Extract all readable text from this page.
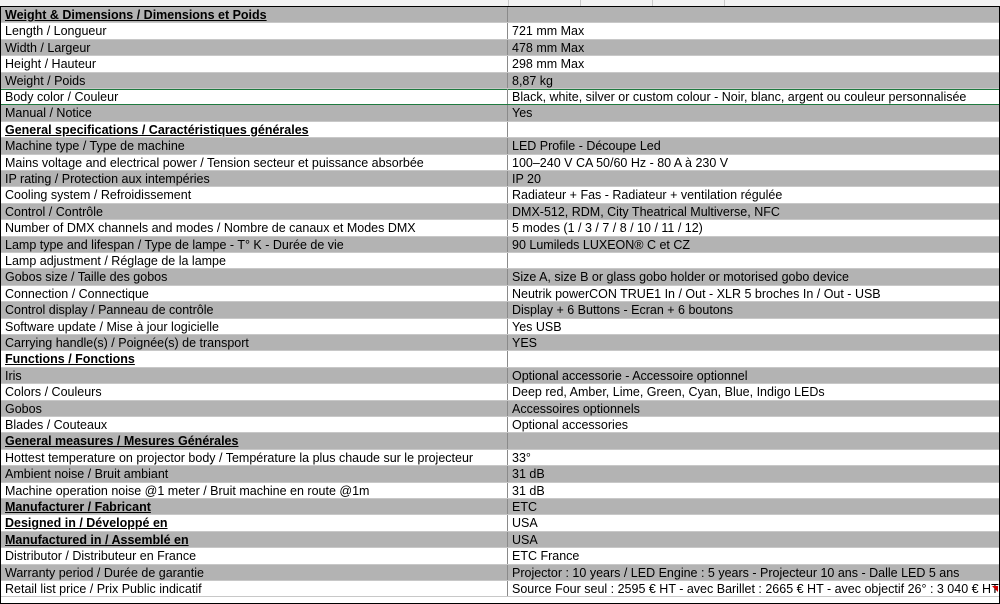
Weight & Dimensions / Dimensions et Poids
Length / Longueur	721 mm Max
Width / Largeur	478 mm Max
Height / Hauteur	298 mm Max
Weight / Poids	8,87 kg
Body color / Couleur	Black, white, silver or custom colour - Noir, blanc, argent ou couleur personnalisée
Manual / Notice	Yes
General specifications / Caractéristiques générales
Machine type / Type de machine	LED Profile - Découpe Led
Mains voltage and electrical power / Tension secteur et puissance absorbée	100–240 V CA 50/60 Hz - 80 A à 230 V
IP rating / Protection aux intempéries	IP 20
Cooling system / Refroidissement	Radiateur + Fas - Radiateur + ventilation régulée
Control / Contrôle	DMX-512, RDM, City Theatrical Multiverse, NFC
Number of DMX channels and modes / Nombre de canaux et Modes DMX	5 modes (1 / 3 / 7 / 8 / 10 / 11 / 12)
Lamp type and lifespan / Type de lampe - T° K - Durée de vie	90 Lumileds LUXEON® C et CZ
Lamp adjustment / Réglage de la lampe
Gobos size / Taille des gobos	Size A, size B or glass gobo holder or motorised gobo device
Connection / Connectique	Neutrik powerCON TRUE1 In / Out - XLR 5 broches In / Out - USB
Control display / Panneau de contrôle	Display + 6 Buttons - Ecran + 6 boutons
Software update / Mise à jour logicielle	Yes USB
Carrying handle(s) / Poignée(s) de transport	YES
Functions / Fonctions
Iris	Optional accessorie - Accessoire optionnel
Colors / Couleurs	Deep red, Amber, Lime, Green, Cyan, Blue, Indigo LEDs
Gobos	Accessoires optionnels
Blades / Couteaux	Optional accessories
General measures / Mesures Générales
Hottest temperature on projector body / Température la plus chaude sur le projecteur	33°
Ambient noise / Bruit ambiant	31 dB
Machine operation noise @1 meter / Bruit machine en route @1m	31 dB
Manufacturer / Fabricant	ETC
Designed in / Développé en	USA
Manufactured in / Assemblé en	USA
Distributor / Distributeur en France	ETC France
Warranty period / Durée de garantie	Projector : 10 years / LED Engine : 5 years - Projecteur 10 ans - Dalle LED 5 ans
Retail list price / Prix Public indicatif	Source Four seul : 2595 € HT - avec Barillet : 2665 € HT - avec objectif 26° : 3 040 € HT
